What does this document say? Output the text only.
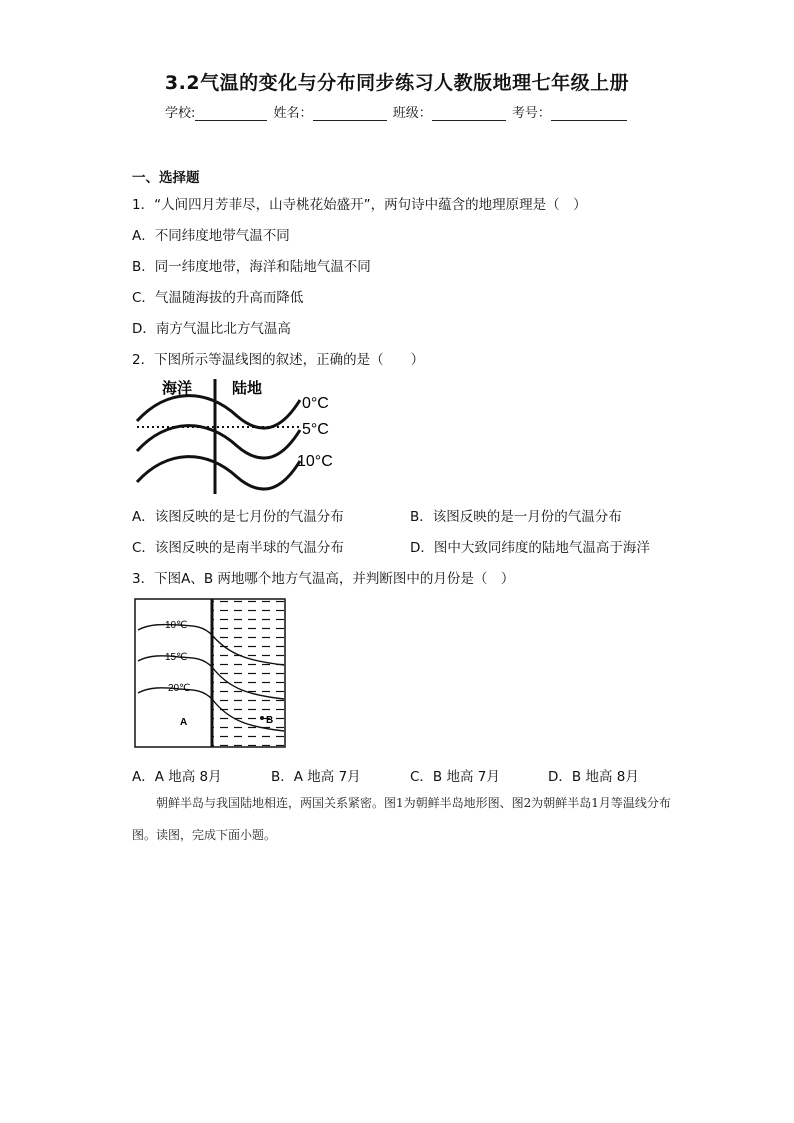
3.2气温的变化与分布同步练习人教版地理七年级上册
学校:	姓名：	班级：	考号：
一、选择题
1．“人间四月芳菲尽，山寺桃花始盛开”，两句诗中蕴含的地理原理是（　）
A．不同纬度地带气温不同
B．同一纬度地带，海洋和陆地气温不同
C．气温随海拔的升高而降低
D．南方气温比北方气温高
2．下图所示等温线图的叙述，正确的是（　　）
海洋	陆地
0°C
5°C
10°C
A．该图反映的是七月份的气温分布	B．该图反映的是一月份的气温分布
C．该图反映的是南半球的气温分布	D．图中大致同纬度的陆地气温高于海洋
3．下图A、B 两地哪个地方气温高，并判断图中的月份是（　）
10℃
15℃
20℃
A	B
A．A 地高 8月	B．A 地高 7月	C．B 地高 7月	D．B 地高 8月
朝鲜半岛与我国陆地相连，两国关系紧密。图1为朝鲜半岛地形图、图2为朝鲜半岛1月等温线分布图。读图，完成下面小题。
